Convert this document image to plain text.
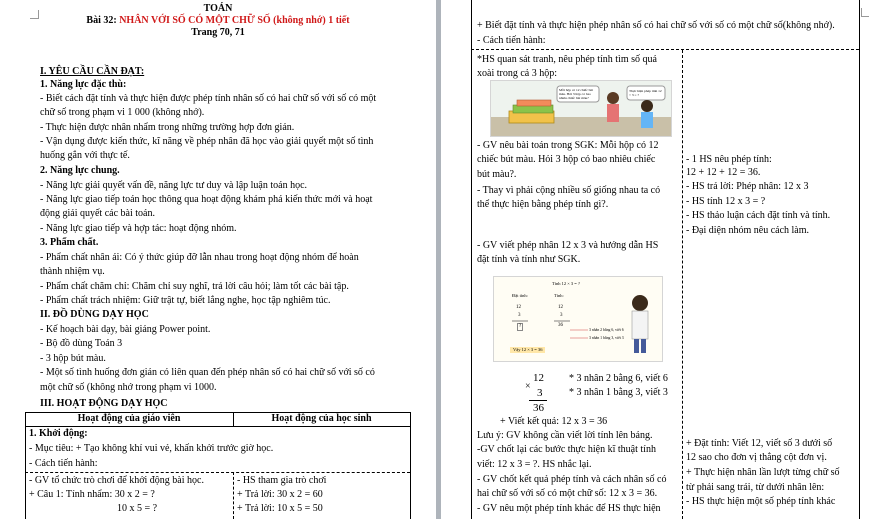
TOÁN
Bài 32: NHÂN VỚI SỐ CÓ MỘT CHỮ SỐ (không nhớ) 1 tiết
Trang 70, 71
I. YÊU CẦU CẦN ĐẠT:
1. Năng lực đặc thù:
- Biết cách đặt tính và thực hiện được phép tính nhân số có hai chữ số với số có một
chữ số trong phạm vi 1 000 (không nhớ).
- Thực hiện được nhân nhẩm trong những trường hợp đơn giản.
- Vận dụng được kiến thức, kĩ năng về phép nhân đã học vào giải quyết một số tình
huống gắn với thực tế.
2. Năng lực chung.
- Năng lực giải quyết vấn đề, năng lực tư duy và lập luận toán học.
- Năng lực giao tiếp toán học thông qua hoạt động khám phá kiến thức mới và hoạt
động giải quyết các bài toán.
- Năng lực giao tiếp và hợp tác: hoạt động nhóm.
3. Phẩm chất.
- Phẩm chất nhân ái: Có ý thức giúp đỡ lẫn nhau trong hoạt động nhóm để hoàn
thành nhiệm vụ.
- Phẩm chất chăm chỉ: Chăm chỉ suy nghĩ, trả lời câu hỏi; làm tốt các bài tập.
- Phẩm chất trách nhiệm: Giữ trật tự, biết lắng nghe, học tập nghiêm túc.
II. ĐỒ DÙNG DẠY HỌC
- Kế hoạch bài dạy, bài giảng Power point.
- Bộ đồ dùng Toán 3
- 3 hộp bút màu.
- Một số tình huống đơn giản có liên quan đến phép nhân số có hai chữ số với số có
một chữ số (không nhớ trong phạm vi 1000.
III. HOẠT ĐỘNG DẠY HỌC
Hoạt động của giáo viên	Hoạt động của học sinh
1. Khởi động:
- Mục tiêu: + Tạo không khí vui vẻ, khấn khởi trước giờ học.
- Cách tiến hành:
- GV tổ chức trò chơi để khởi động bài học.
+ Câu 1: Tính nhẩm: 30 x 2 = ?
10 x 5 = ?
- HS tham gia trò chơi
+ Trả lời: 30 x 2 = 60
+ Trả lời: 10 x 5 = 50
+ Biết đặt tính và thực hiện phép nhân số có hai chữ số với số có một chữ số(không nhớ).
- Cách tiến hành:
*HS quan sát tranh, nêu phép tính tìm số quả
xoài trong cả 3 hộp:
Mỗi hộp có 12 chiếc bút màu. Hỏi 3 hộp có bao nhiêu chiếc bút màu?
Thực hiện phép tính 12 × 3 = ?
- GV nêu bài toán trong SGK: Mỗi hộp có 12
chiếc bút màu. Hỏi 3 hộp có bao nhiêu chiếc
bút màu?.
- Thay vì phải cộng nhiều số giống nhau ta có
thể thực hiện bằng phép tính gì?.
- GV viết phép nhân 12 x 3 và hướng dẫn HS
đặt tính và tính như SGK.
Tính 12 × 3 = ?
Đặt tính:	Tính:
12
3
?
12
3
36
3 nhân 2 bằng 6, viết 6
3 nhân 1 bằng 3, viết 3
Vậy 12 × 3 = 36
12
×
3
36
* 3 nhân 2 bằng 6, viết 6
* 3 nhân 1 bằng 3, viết 3
+ Viết kết quả: 12 x 3 = 36
Lưu ý: GV không cần viết lời tính lên bảng.
-GV chốt lại các bước thực hiện kĩ thuật tính
viết: 12 x 3 = ?. HS nhắc lại.
- GV chốt kết quả phép tính và cách nhân số có
hai chữ số với số có một chữ số: 12 x 3 = 36.
- GV nêu một phép tính khác để HS thực hiện
- 1 HS nêu phép tính:
12 + 12 + 12 = 36.
- HS trả lời: Phép nhân: 12 x 3
- HS tính 12 x 3 = ?
- HS thảo luận cách đặt tính và tính.
- Đại diện nhóm nêu cách làm.
+ Đặt tính: Viết 12, viết số 3 dưới số
12 sao cho đơn vị thẳng cột đơn vị.
+ Thực hiện nhân lần lượt từng chữ số
từ phải sang trái, từ dưới nhân lên:
- HS thực hiện một số phép tính khác
